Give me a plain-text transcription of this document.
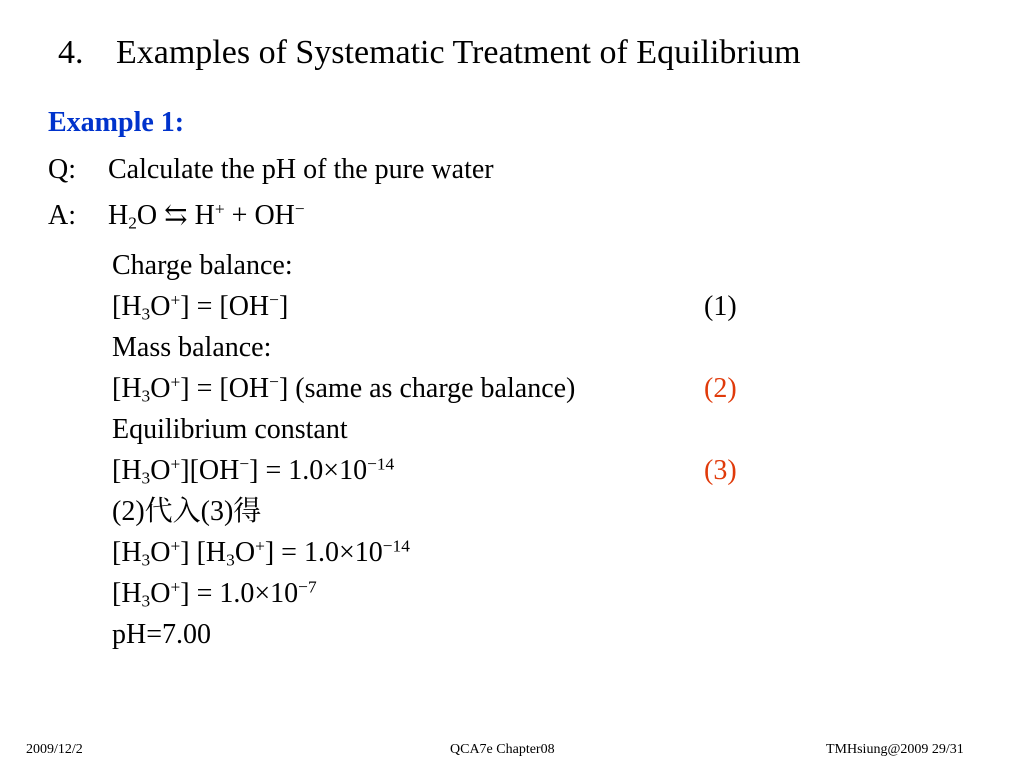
4. Examples of Systematic Treatment of Equilibrium
Example 1:
Q: Calculate the pH of the pure water
A: $H_2O$ ⇆ H+ + OH−
Charge balance:
$[H_3O^+] = [OH^-]$	(1)
Mass balance:
$[H_3O^+] = [OH^-]$ (same as charge balance)	(2)
Equilibrium constant
$[H_3O^+][OH^-] = 1.0\times 10^{-14}$	(3)
(2)代入(3)得
$[H_3O^+] [H_3O^+] = 1.0\times 10^{-14}$
$[H_3O^+] = 1.0\times 10^{-7}$
pH=7.00
2009/12/2	QCA7e Chapter08	TMHsiung@2009 29/31
